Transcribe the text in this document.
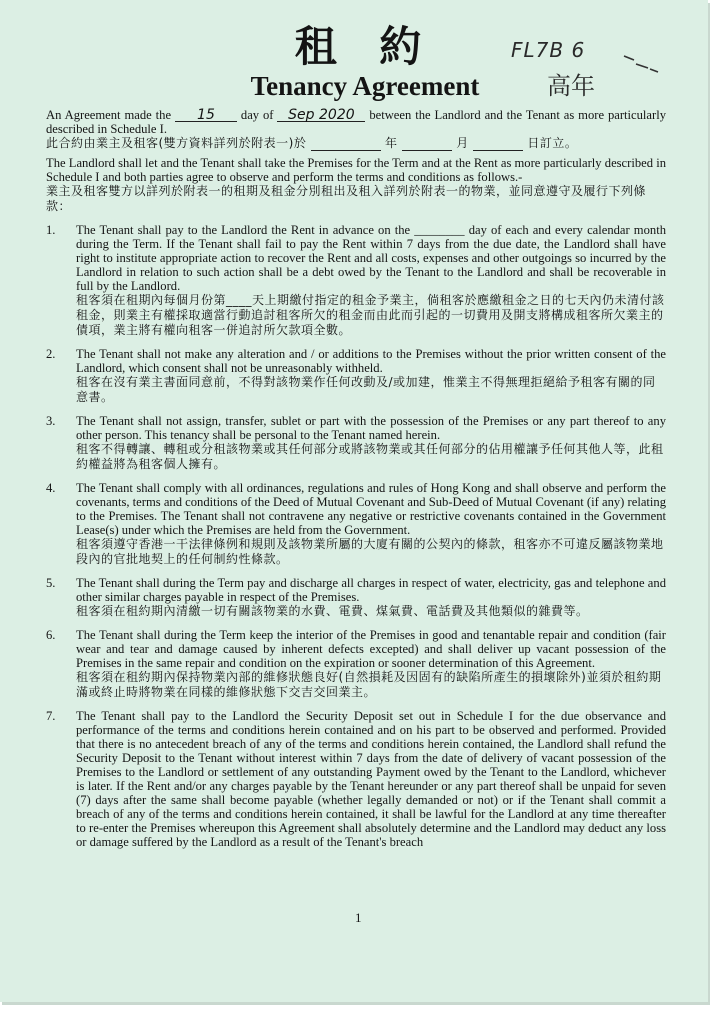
租 約
Tenancy Agreement
FL7B 6
高年

An Agreement made the 15 day of Sep 2020 between the Landlord and the Tenant as more particularly described in Schedule I.

此合約由業主及租客(雙方資料詳列於附表一)於	年	月	日訂立。

The Landlord shall let and the Tenant shall take the Premises for the Term and at the Rent as more particularly described in Schedule I and both parties agree to observe and perform the terms and conditions as follows.-

業主及租客雙方以詳列於附表一的租期及租金分別租出及租入詳列於附表一的物業，並同意遵守及履行下列條款：

1. The Tenant shall pay to the Landlord the Rent in advance on the ________ day of each and every calendar month during the Term. If the Tenant shall fail to pay the Rent within 7 days from the due date, the Landlord shall have right to institute appropriate action to recover the Rent and all costs, expenses and other outgoings so incurred by the Landlord in relation to such action shall be a debt owed by the Tenant to the Landlord and shall be recoverable in full by the Landlord.

租客須在租期內每個月份第____天上期繳付指定的租金予業主，倘租客於應繳租金之日的七天內仍未清付該租金，則業主有權採取適當行動追討租客所欠的租金而由此而引起的一切費用及開支將構成租客所欠業主的債項，業主將有權向租客一併追討所欠款項全數。

2. The Tenant shall not make any alteration and / or additions to the Premises without the prior written consent of the Landlord, which consent shall not be unreasonably withheld.

租客在沒有業主書面同意前，不得對該物業作任何改動及/或加建，惟業主不得無理拒絕給予租客有關的同意書。

3. The Tenant shall not assign, transfer, sublet or part with the possession of the Premises or any part thereof to any other person. This tenancy shall be personal to the Tenant named herein.

租客不得轉讓、轉租或分租該物業或其任何部分或將該物業或其任何部分的佔用權讓予任何其他人等，此租約權益將為租客個人擁有。

4. The Tenant shall comply with all ordinances, regulations and rules of Hong Kong and shall observe and perform the covenants, terms and conditions of the Deed of Mutual Covenant and Sub-Deed of Mutual Covenant (if any) relating to the Premises. The Tenant shall not contravene any negative or restrictive covenants contained in the Government Lease(s) under which the Premises are held from the Government.

租客須遵守香港一干法律條例和規則及該物業所屬的大廈有關的公契內的條款，租客亦不可違反屬該物業地段內的官批地契上的任何制約性條款。

5. The Tenant shall during the Term pay and discharge all charges in respect of water, electricity, gas and telephone and other similar charges payable in respect of the Premises.

租客須在租約期內清繳一切有關該物業的水費、電費、煤氣費、電話費及其他類似的雜費等。

6. The Tenant shall during the Term keep the interior of the Premises in good and tenantable repair and condition (fair wear and tear and damage caused by inherent defects excepted) and shall deliver up vacant possession of the Premises in the same repair and condition on the expiration or sooner determination of this Agreement.

租客須在租約期內保持物業內部的維修狀態良好(自然損耗及因固有的缺陷所產生的損壞除外)並須於租約期滿或終止時將物業在同樣的維修狀態下交吉交回業主。

7. The Tenant shall pay to the Landlord the Security Deposit set out in Schedule I for the due observance and performance of the terms and conditions herein contained and on his part to be observed and performed. Provided that there is no antecedent breach of any of the terms and conditions herein contained, the Landlord shall refund the Security Deposit to the Tenant without interest within 7 days from the date of delivery of vacant possession of the Premises to the Landlord or settlement of any outstanding Payment owed by the Tenant to the Landlord, whichever is later. If the Rent and/or any charges payable by the Tenant hereunder or any part thereof shall be unpaid for seven (7) days after the same shall become payable (whether legally demanded or not) or if the Tenant shall commit a breach of any of the terms and conditions herein contained, it shall be lawful for the Landlord at any time thereafter to re-enter the Premises whereupon this Agreement shall absolutely determine and the Landlord may deduct any loss or damage suffered by the Landlord as a result of the Tenant's breach

1
